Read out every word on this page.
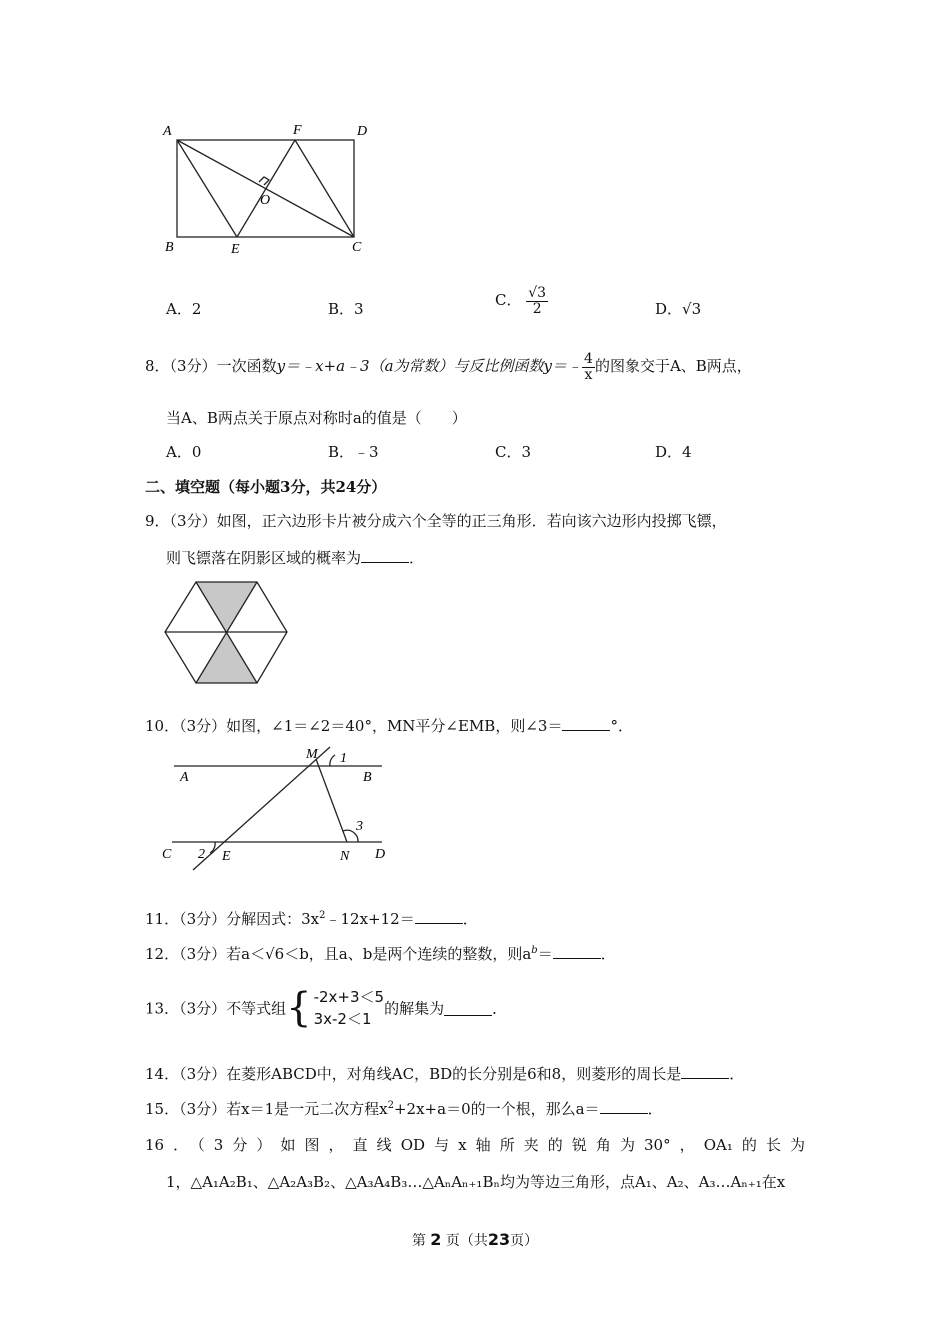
A	F	D
O
B	E	C
A．2	B．3	C． $\frac{√3}{2}$	D．√3
8．（3分）一次函数y＝﹣x+a﹣3（a为常数）与反比例函数y＝﹣ $\frac{4}{x}$ 的图象交于A、B两点，
当A、B两点关于原点对称时a的值是（　　）
A．0	B．﹣3	C．3	D．4
二、填空题（每小题3分，共24分）
9．（3分）如图，正六边形卡片被分成六个全等的正三角形．若向该六边形内投掷飞镖，
则飞镖落在阴影区域的概率为	．
10．（3分）如图，∠1＝∠2＝40°，MN平分∠EMB，则∠3＝	°．
M 1
A	B
3
C 2 E	N D
11．（3分）分解因式：$3x^2﹣12x+12=$	．
12．（3分）若a＜√6＜b，且a、b是两个连续的整数，则$a^b=$	．
13．（3分）不等式组{ -2x+3＜5
3x-2＜1
的解集为	．
14．（3分）在菱形ABCD中，对角线AC，BD的长分别是6和8，则菱形的周长是	．
15．（3分）若x＝1是一元二次方程$x^2+2x+a=0$的一个根，那么a＝	．
16．（3分）如图，直线OD与x轴所夹的锐角为30°，OA₁的长为
1，△A₁A₂B₁、△A₂A₃B₂、△A₃A₄B₃…△AₙAₙ₊₁Bₙ均为等边三角形，点A₁、A₂、A₃…Aₙ₊₁在x
第 2 页（共23页）
